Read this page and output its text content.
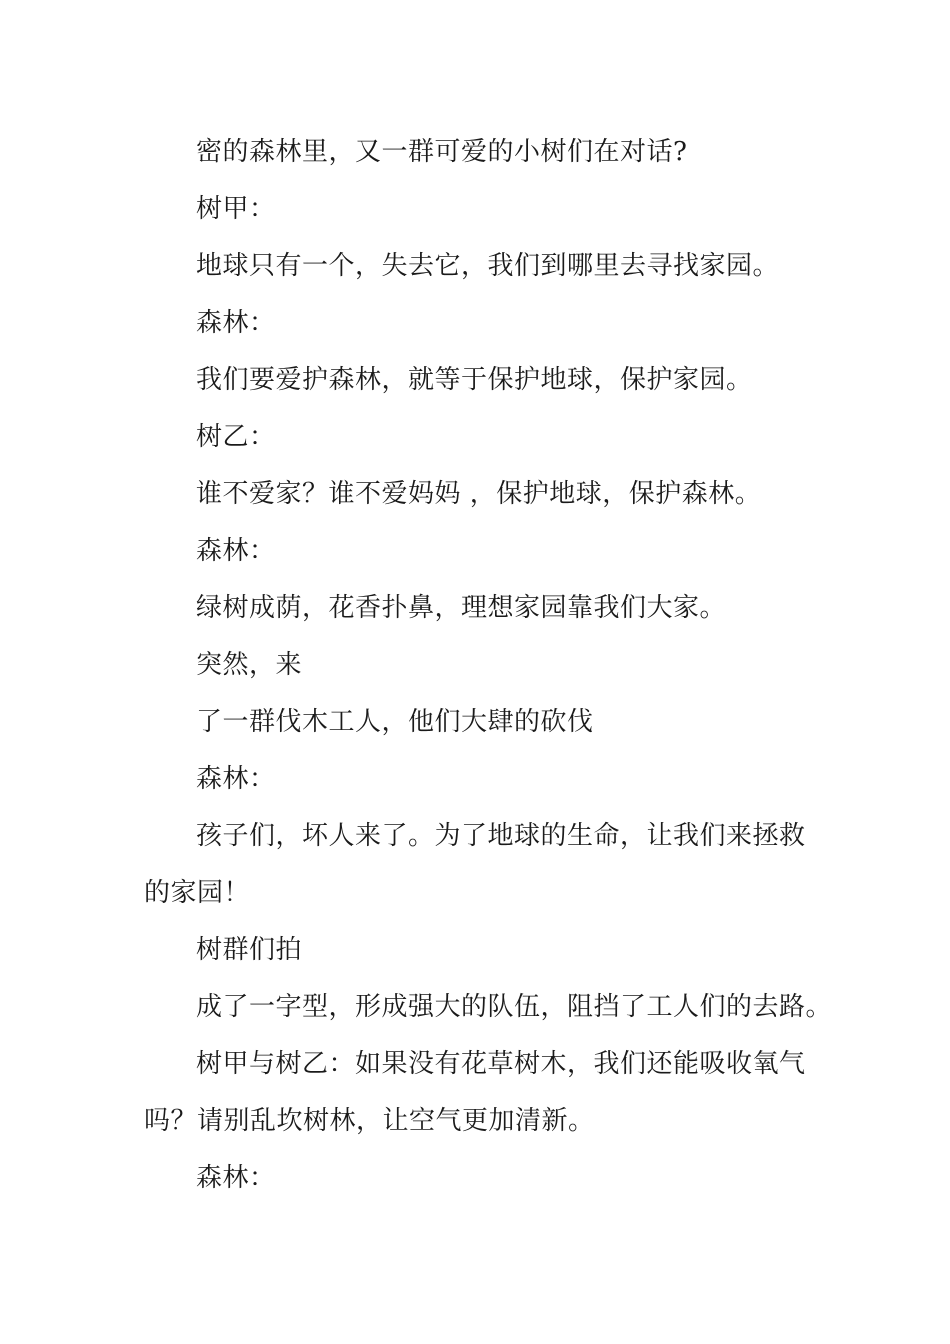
密的森林里，又一群可爱的小树们在对话?
树甲：
地球只有一个，失去它，我们到哪里去寻找家园。
森林：
我们要爱护森林，就等于保护地球，保护家园。
树乙：
谁不爱家？谁不爱妈妈 ，保护地球，保护森林。
森林：
绿树成荫，花香扑鼻，理想家园靠我们大家。
突然，来
了一群伐木工人，他们大肆的砍伐
森林：
孩子们，坏人来了。为了地球的生命，让我们来拯救
的家园！
树群们拍
成了一字型，形成强大的队伍，阻挡了工人们的去路。
树甲与树乙：如果没有花草树木，我们还能吸收氧气
吗？请别乱坎树林，让空气更加清新。
森林：
